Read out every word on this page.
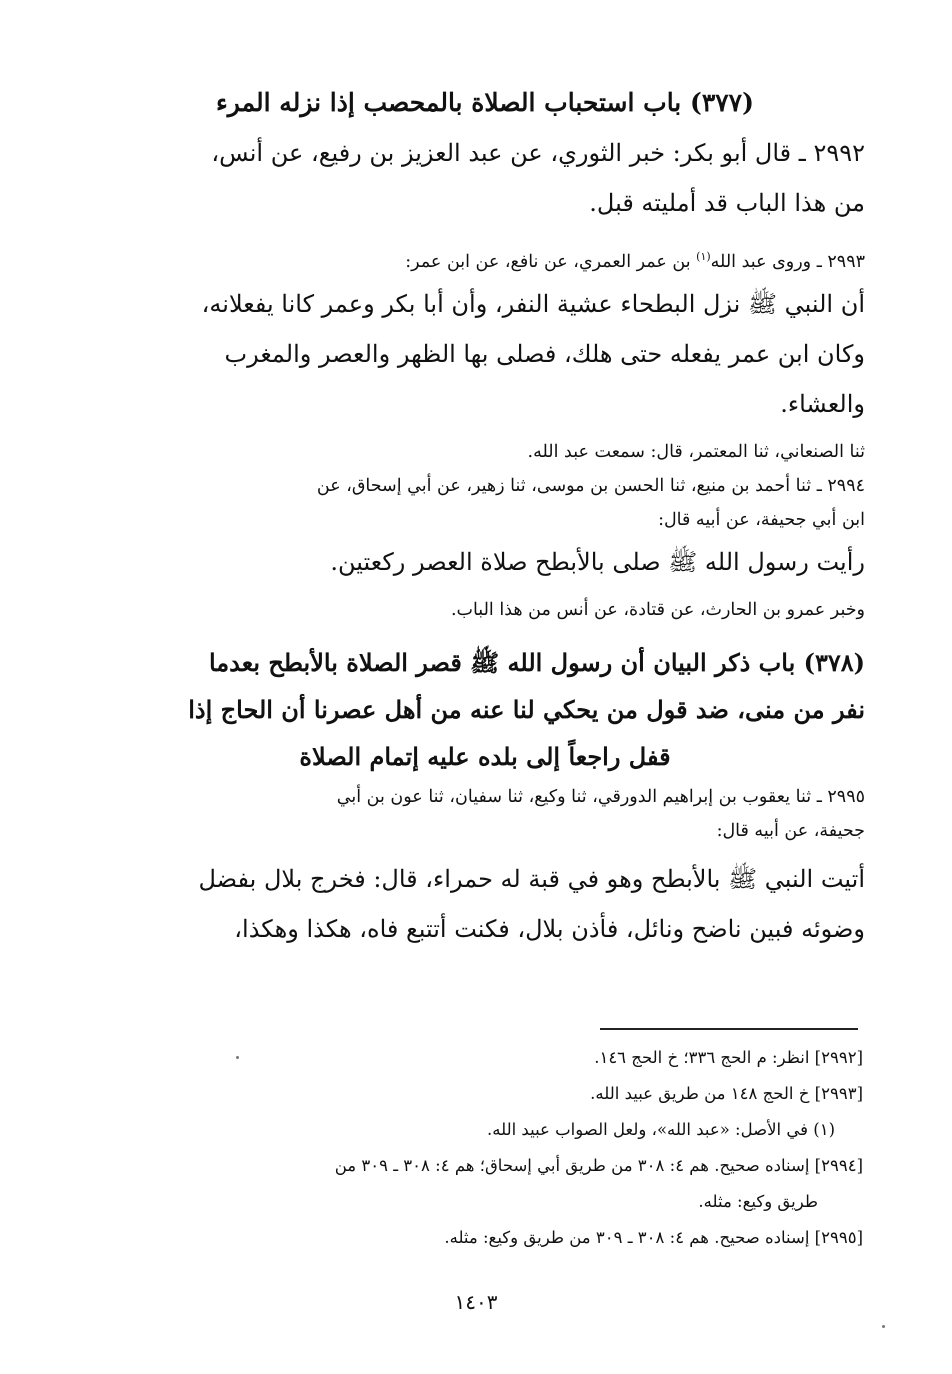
(٣٧٧) باب استحباب الصلاة بالمحصب إذا نزله المرء
٢٩٩٢ ـ قال أبو بكر: خبر الثوري، عن عبد العزيز بن رفيع، عن أنس،
من هذا الباب قد أمليته قبل.
٢٩٩٣ ـ وروى عبد الله$^{(١)}$ بن عمر العمري، عن نافع، عن ابن عمر:
أن النبي ﷺ نزل البطحاء عشية النفر، وأن أبا بكر وعمر كانا يفعلانه،
وكان ابن عمر يفعله حتى هلك، فصلى بها الظهر والعصر والمغرب
والعشاء.
ثنا الصنعاني، ثنا المعتمر، قال: سمعت عبد الله.
٢٩٩٤ ـ ثنا أحمد بن منيع، ثنا الحسن بن موسى، ثنا زهير، عن أبي إسحاق، عن
ابن أبي جحيفة، عن أبيه قال:
رأيت رسول الله ﷺ صلى بالأبطح صلاة العصر ركعتين.
وخبر عمرو بن الحارث، عن قتادة، عن أنس من هذا الباب.
(٣٧٨) باب ذكر البيان أن رسول الله ﷺ قصر الصلاة بالأبطح بعدما
نفر من منى، ضد قول من يحكي لنا عنه من أهل عصرنا أن الحاج إذا
قفل راجعاً إلى بلده عليه إتمام الصلاة
٢٩٩٥ ـ ثنا يعقوب بن إبراهيم الدورقي، ثنا وكيع، ثنا سفيان، ثنا عون بن أبي
جحيفة، عن أبيه قال:
أتيت النبي ﷺ بالأبطح وهو في قبة له حمراء، قال: فخرج بلال بفضل
وضوئه فبين ناضح ونائل، فأذن بلال، فكنت أتتبع فاه، هكذا وهكذا،
[٢٩٩٢] انظر: م الحج ٣٣٦؛ خ الحج ١٤٦.
[٢٩٩٣] خ الحج ١٤٨ من طريق عبيد الله.
(١) في الأصل: «عبد الله»، ولعل الصواب عبيد الله.
[٢٩٩٤] إسناده صحيح. هم ٤: ٣٠٨ من طريق أبي إسحاق؛ هم ٤: ٣٠٨ ـ ٣٠٩ من
طريق وكيع: مثله.
[٢٩٩٥] إسناده صحيح. هم ٤: ٣٠٨ ـ ٣٠٩ من طريق وكيع: مثله.
١٤٠٣
